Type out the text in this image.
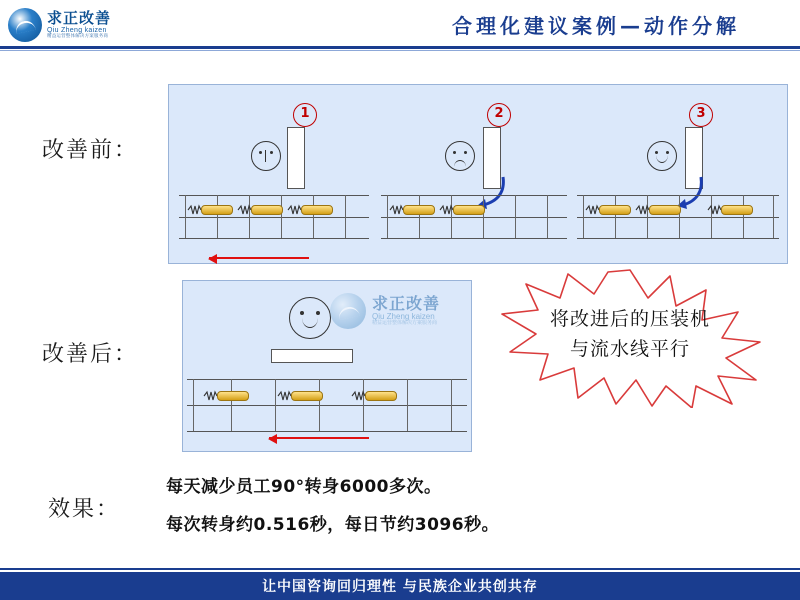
求正改善
Qiu Zheng kaizen
精益运营整体解决方案服务商	合理化建议案例—动作分解
改善前：
改善后：
效果：
1	2	3
求正改善
Qiu Zheng kaizen
精益运营整体解决方案服务商	将改进后的压装机
与流水线平行
每天减少员工90°转身6000多次。
每次转身约0.516秒，每日节约3096秒。
让中国咨询回归理性 与民族企业共创共存
